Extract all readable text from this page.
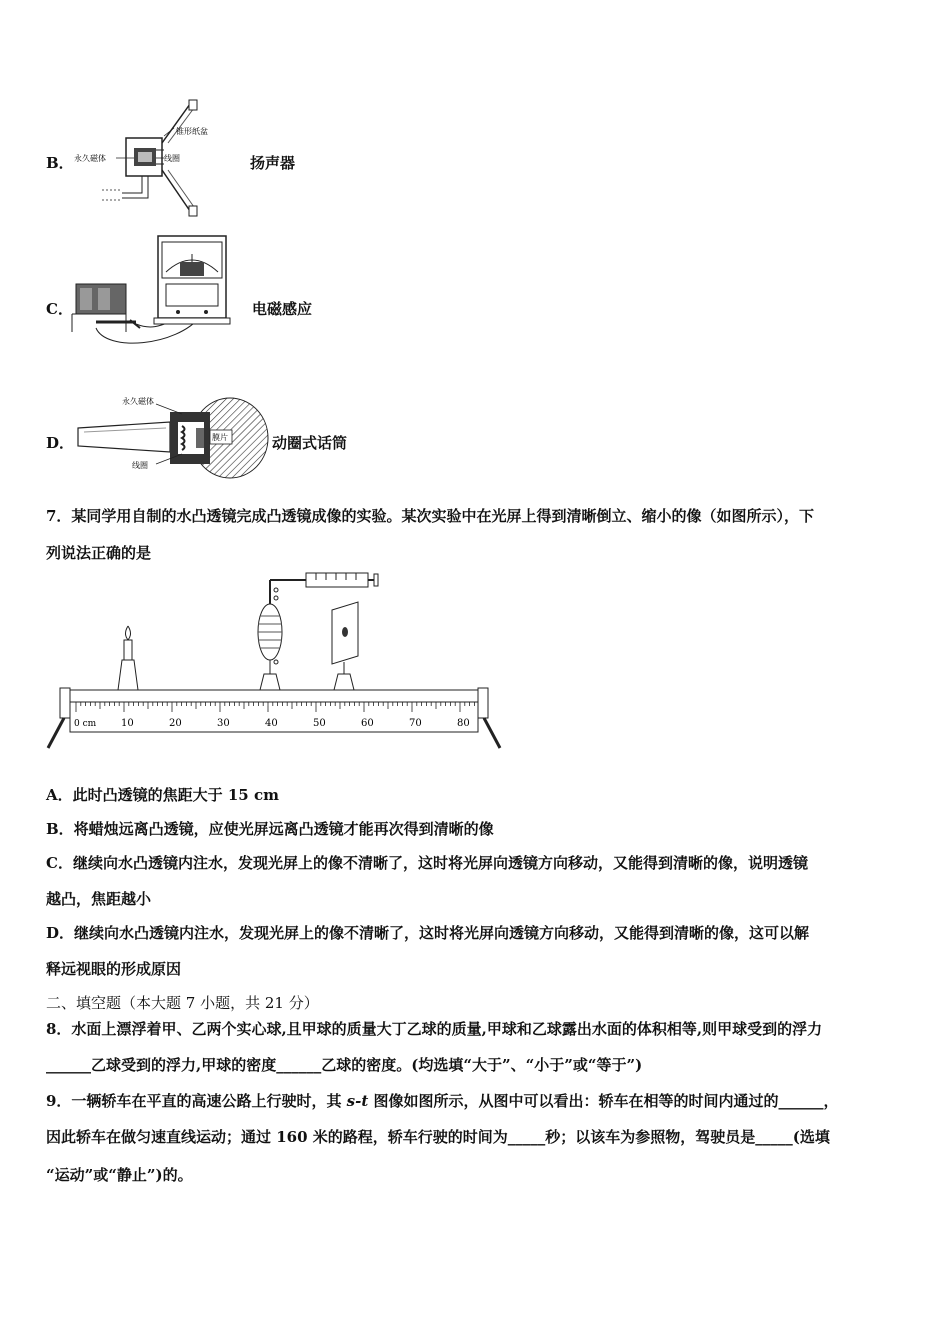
B．
锥形纸盆
永久磁体	线圈	扬声器
C．	电磁感应
D．
永久磁体
膜片
线圈
动圈式话筒
7．某同学用自制的水凸透镜完成凸透镜成像的实验。某次实验中在光屏上得到清晰倒立、缩小的像（如图所示），下
列说法正确的是
0 cm 10	20	30	40	50	60	70	80
A．此时凸透镜的焦距大于 15 cm
B．将蜡烛远离凸透镜，应使光屏远离凸透镜才能再次得到清晰的像
C．继续向水凸透镜内注水，发现光屏上的像不清晰了，这时将光屏向透镜方向移动，又能得到清晰的像，说明透镜
越凸，焦距越小
D．继续向水凸透镜内注水，发现光屏上的像不清晰了，这时将光屏向透镜方向移动，又能得到清晰的像，这可以解
释远视眼的形成原因
二、填空题（本大题 7 小题，共 21 分）
8．水面上漂浮着甲、乙两个实心球,且甲球的质量大丁乙球的质量,甲球和乙球露出水面的体积相等,则甲球受到的浮力
______乙球受到的浮力,甲球的密度______乙球的密度。(均选填“大于”、“小于”或“等于”)
9．一辆轿车在平直的高速公路上行驶时，其 s-t 图像如图所示，从图中可以看出：轿车在相等的时间内通过的______，
因此轿车在做匀速直线运动；通过 160 米的路程，轿车行驶的时间为_____秒；以该车为参照物，驾驶员是_____(选填
“运动”或“静止”)的。
